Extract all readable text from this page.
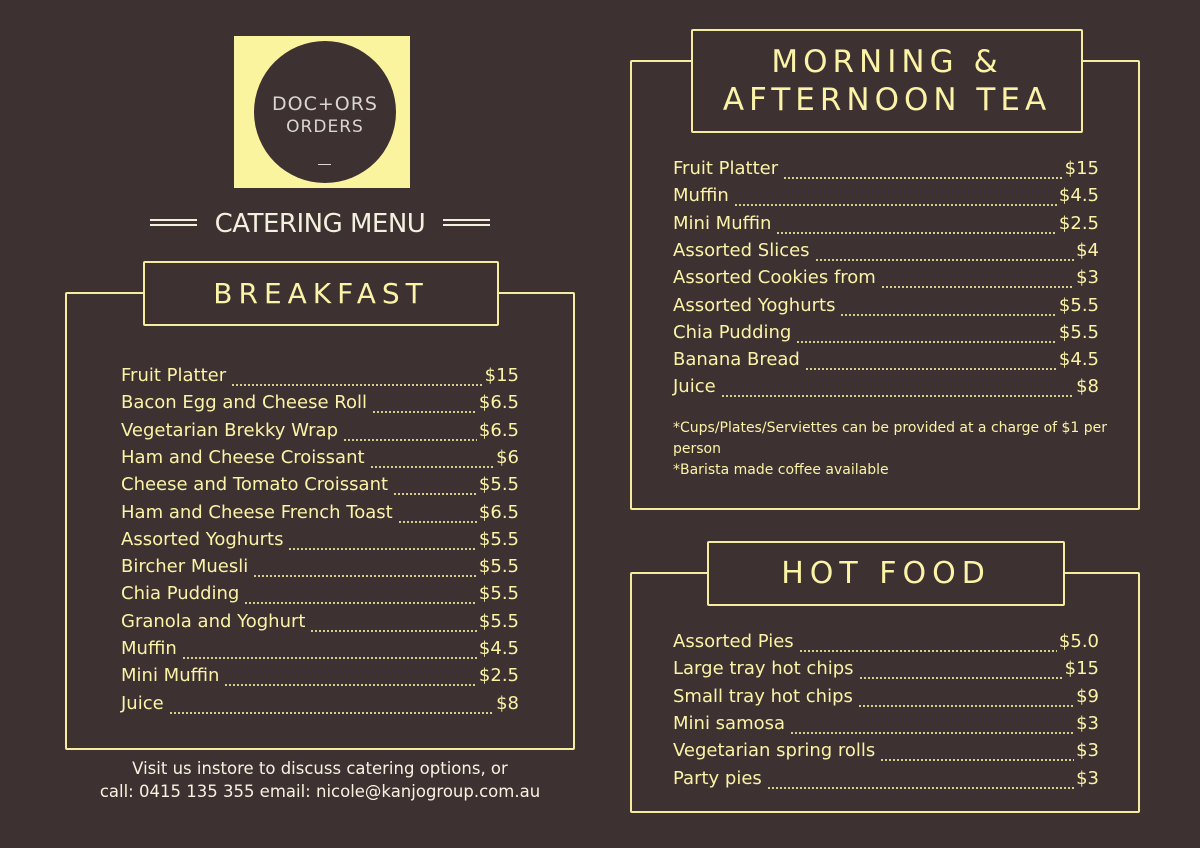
DOC+ORS
ORDERS
CATERING MENU
BREAKFAST
Fruit Platter	$15
Bacon Egg and Cheese Roll	$6.5
Vegetarian Brekky Wrap	$6.5
Ham and Cheese Croissant	$6
Cheese and Tomato Croissant	$5.5
Ham and Cheese French Toast	$6.5
Assorted Yoghurts	$5.5
Bircher Muesli	$5.5
Chia Pudding	$5.5
Granola and Yoghurt	$5.5
Muffin	$4.5
Mini Muffin	$2.5
Juice	$8
MORNING &
AFTERNOON TEA
Fruit Platter	$15
Muffin	$4.5
Mini Muffin	$2.5
Assorted Slices	$4
Assorted Cookies from	$3
Assorted Yoghurts	$5.5
Chia Pudding	$5.5
Banana Bread	$4.5
Juice	$8
*Cups/Plates/Serviettes can be provided at a charge of $1 per person
*Barista made coffee available
HOT FOOD
Assorted Pies	$5.0
Large tray hot chips	$15
Small tray hot chips	$9
Mini samosa	$3
Vegetarian spring rolls	$3
Party pies	$3
Visit us instore to discuss catering options, or
call: 0415 135 355 email: nicole@kanjogroup.com.au
